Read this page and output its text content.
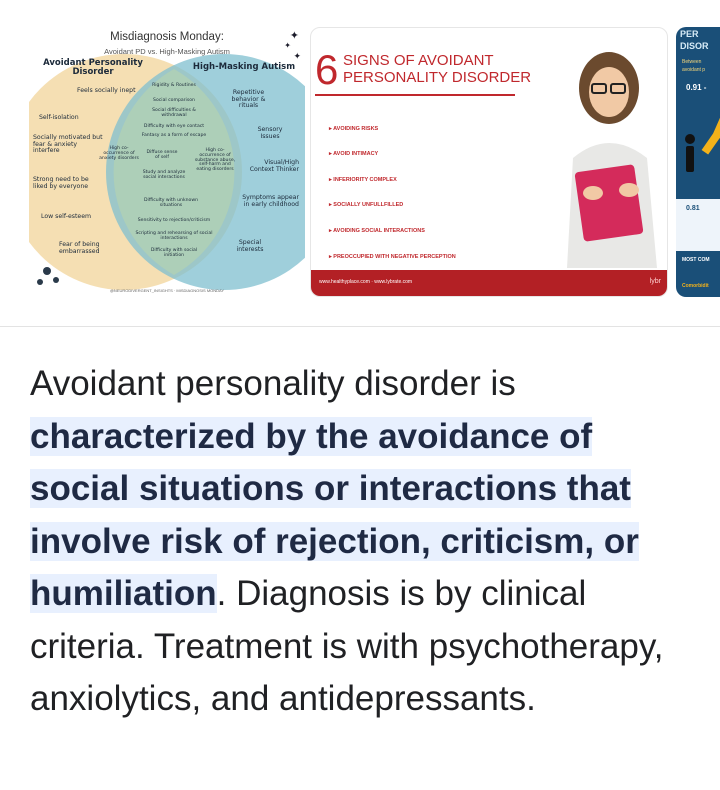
Misdiagnosis Monday:
Avoidant PD vs. High-Masking Autism
✦
✦
✦
Avoidant Personality Disorder	High-Masking Autism
Feels socially inept
Self-isolation
Socially motivated but fear & anxiety interfere
Strong need to be liked by everyone
Low self-esteem
Fear of being embarrassed
Repetitive behavior & rituals
Sensory Issues
Visual/High Context Thinker
Symptoms appear in early childhood
Special interests
Rigidity & Routines
Social comparison
Social difficulties & withdrawal
Difficulty with eye contact
Fantasy as a form of escape
High co-occurrence of anxiety disorders
Diffuse sense of self
High co-occurrence of substance abuse, self-harm and eating disorders
Study and analyze social interactions
Difficulty with unknown situations
Sensitivity to rejection/criticism
Scripting and rehearsing of social interactions
Difficulty with social initiation
@NEURODIVERGENT_INSIGHTS · MISDIAGNOSIS MONDAY
6 SIGNS OF AVOIDANT
PERSONALITY DISORDER
▸ AVOIDING RISKS
▸ AVOID INTIMACY
▸ INFERIORITY COMPLEX
▸ SOCIALLY UNFULLFILLED
▸ AVOIDING SOCIAL INTERACTIONS
▸ PREOCCUPIED WITH NEGATIVE PERCEPTION
www.healthyplace.com · www.lybrate.com	lybr
PER
DISOR
Between
avoidant p
0.91 -
0.81
MOST COM
Comorbidit
Avoidant personality disorder is characterized by the avoidance of social situations or interactions that involve risk of rejection, criticism, or humiliation. Diagnosis is by clinical criteria. Treatment is with psychotherapy, anxiolytics, and antidepressants.
